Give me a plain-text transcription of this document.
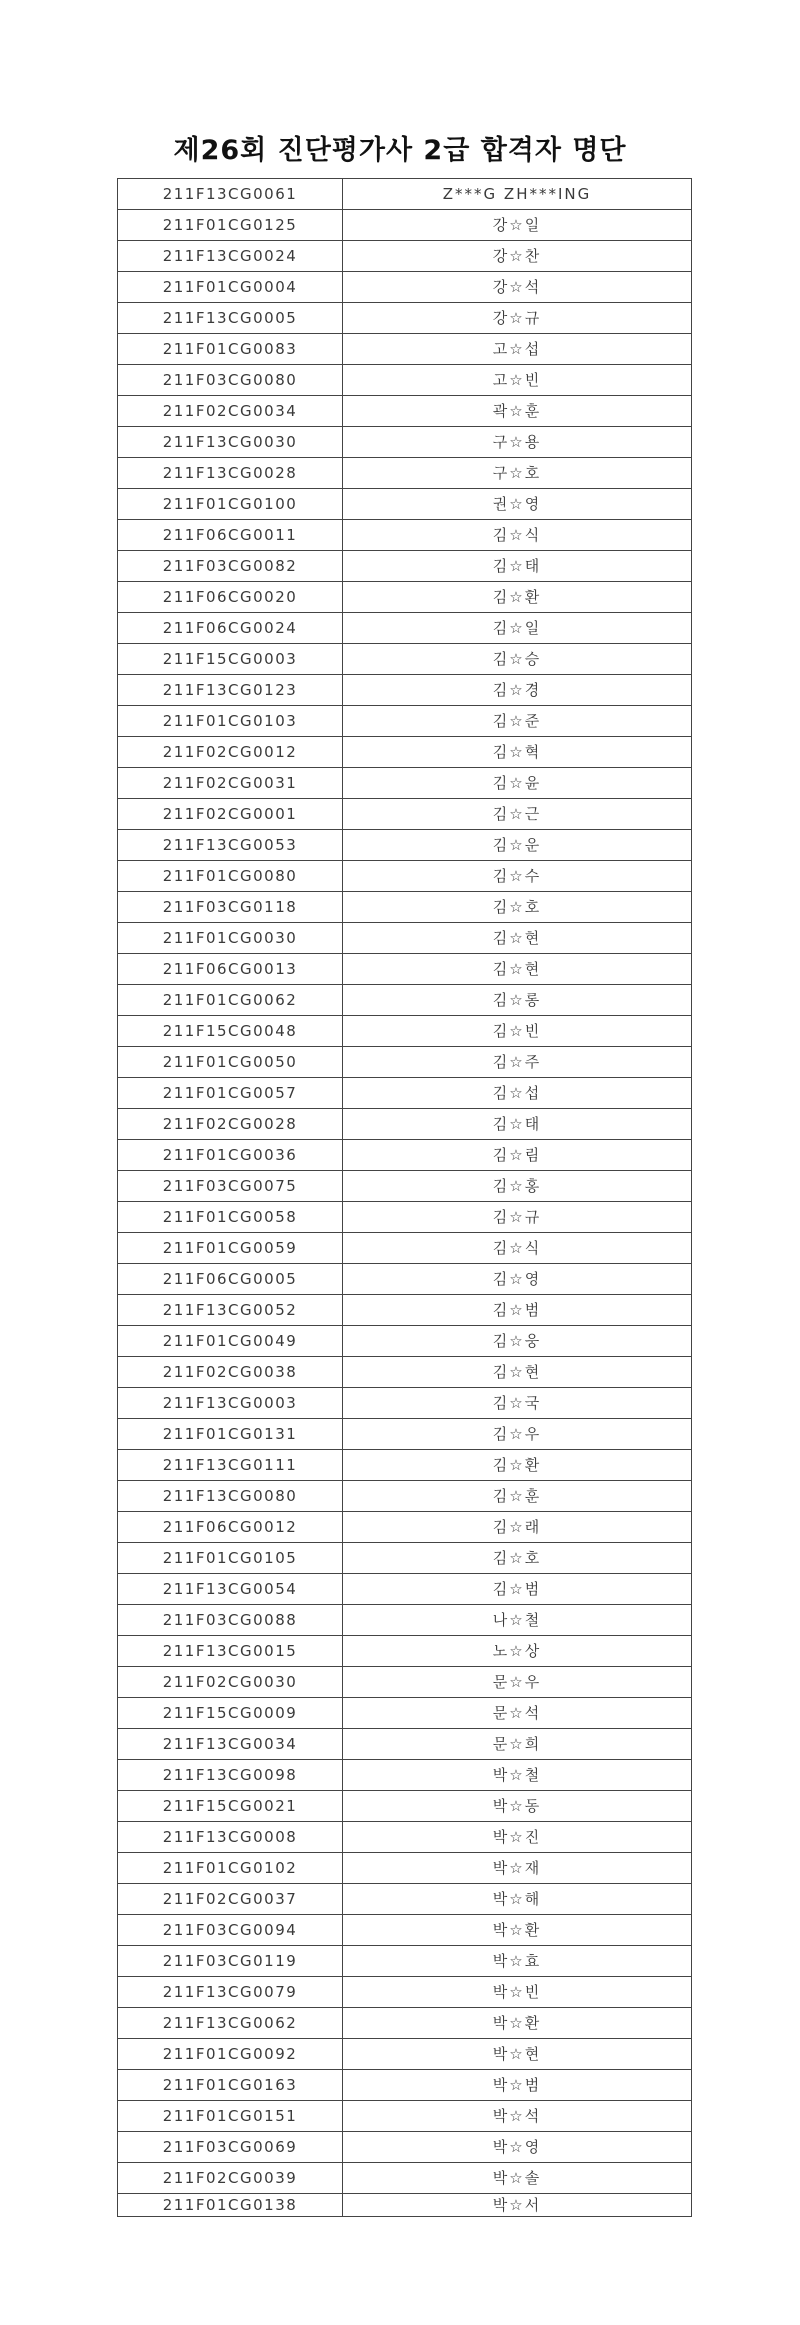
제26회 진단평가사 2급 합격자 명단
211F13CG0061	Z***G ZH***ING
211F01CG0125	강☆일
211F13CG0024	강☆찬
211F01CG0004	강☆석
211F13CG0005	강☆규
211F01CG0083	고☆섭
211F03CG0080	고☆빈
211F02CG0034	곽☆훈
211F13CG0030	구☆용
211F13CG0028	구☆호
211F01CG0100	권☆영
211F06CG0011	김☆식
211F03CG0082	김☆태
211F06CG0020	김☆환
211F06CG0024	김☆일
211F15CG0003	김☆승
211F13CG0123	김☆경
211F01CG0103	김☆준
211F02CG0012	김☆혁
211F02CG0031	김☆윤
211F02CG0001	김☆근
211F13CG0053	김☆운
211F01CG0080	김☆수
211F03CG0118	김☆호
211F01CG0030	김☆현
211F06CG0013	김☆현
211F01CG0062	김☆롱
211F15CG0048	김☆빈
211F01CG0050	김☆주
211F01CG0057	김☆섭
211F02CG0028	김☆태
211F01CG0036	김☆림
211F03CG0075	김☆홍
211F01CG0058	김☆규
211F01CG0059	김☆식
211F06CG0005	김☆영
211F13CG0052	김☆범
211F01CG0049	김☆웅
211F02CG0038	김☆현
211F13CG0003	김☆국
211F01CG0131	김☆우
211F13CG0111	김☆환
211F13CG0080	김☆훈
211F06CG0012	김☆래
211F01CG0105	김☆호
211F13CG0054	김☆범
211F03CG0088	나☆철
211F13CG0015	노☆상
211F02CG0030	문☆우
211F15CG0009	문☆석
211F13CG0034	문☆희
211F13CG0098	박☆철
211F15CG0021	박☆동
211F13CG0008	박☆진
211F01CG0102	박☆재
211F02CG0037	박☆해
211F03CG0094	박☆환
211F03CG0119	박☆효
211F13CG0079	박☆빈
211F13CG0062	박☆환
211F01CG0092	박☆현
211F01CG0163	박☆범
211F01CG0151	박☆석
211F03CG0069	박☆영
211F02CG0039	박☆솔
211F01CG0138	박☆서
